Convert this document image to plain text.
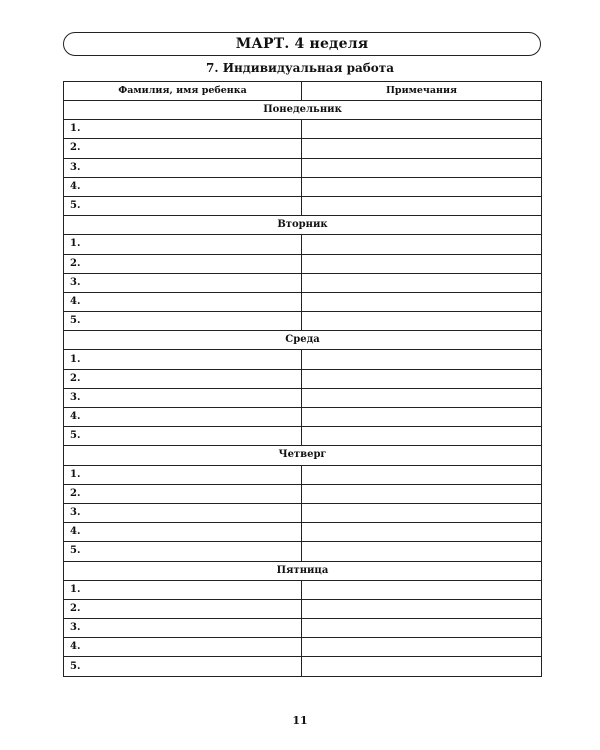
МАРТ. 4 неделя
7. Индивидуальная работа
Фамилия, имя ребенка	Примечания
Понедельник	
1.	
2.	
3.	
4.	
5.	
Вторник	
1.	
2.	
3.	
4.	
5.	
Среда	
1.	
2.	
3.	
4.	
5.	
Четверг	
1.	
2.	
3.	
4.	
5.	
Пятница	
1.	
2.	
3.	
4.	
5.	
11
